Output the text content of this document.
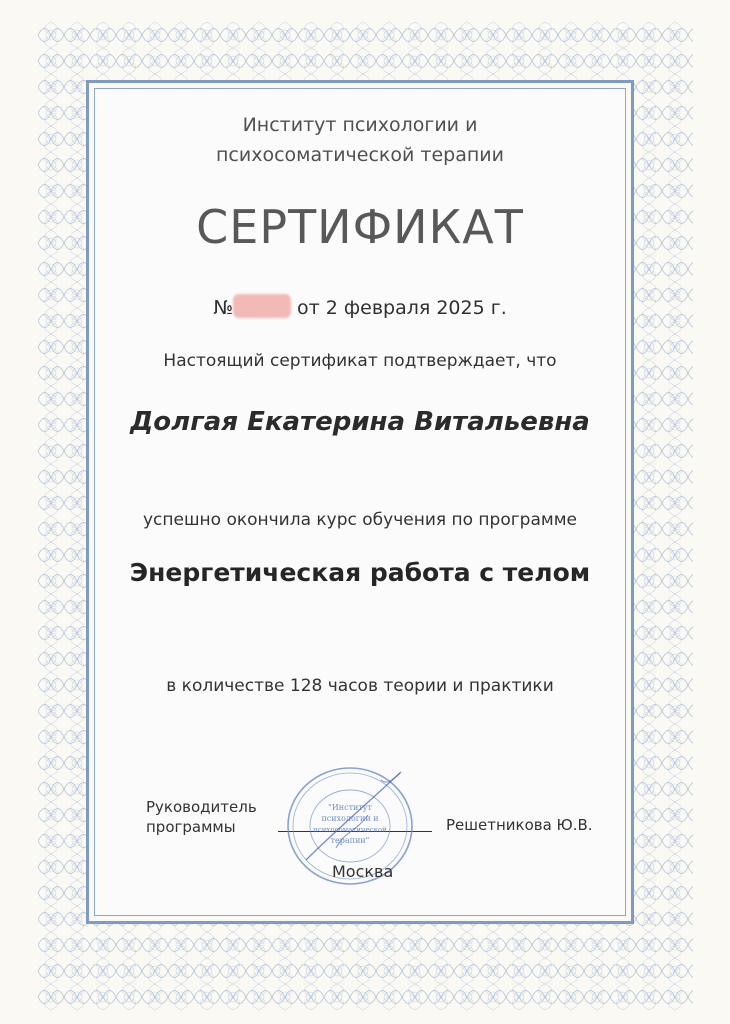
Институт психологии и
психосоматической терапии
СЕРТИФИКАТ
№	от 2 февраля 2025 г.
Настоящий сертификат подтверждает, что
Долгая Екатерина Витальевна
успешно окончила курс обучения по программе
Энергетическая работа с телом
в количестве 128 часов теории и практики
Руководитель
программы
"Институт
психологии и
психосоматической
терапии"
Решетникова Ю.В.
Москва
